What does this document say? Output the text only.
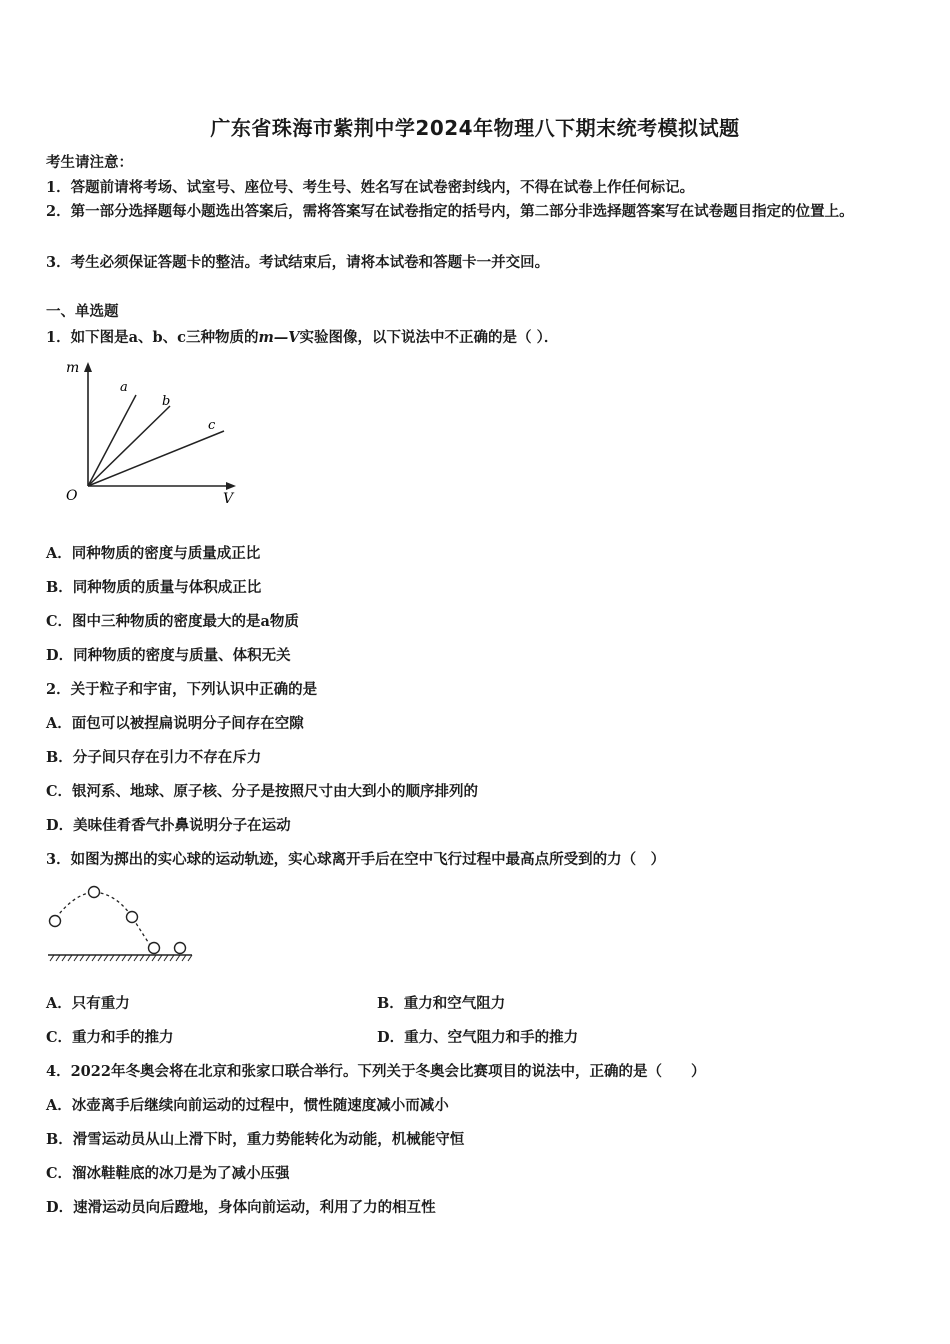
广东省珠海市紫荆中学2024年物理八下期末统考模拟试题
考生请注意：
1．答题前请将考场、试室号、座位号、考生号、姓名写在试卷密封线内，不得在试卷上作任何标记。
2．第一部分选择题每小题选出答案后，需将答案写在试卷指定的括号内，第二部分非选择题答案写在试卷题目指定的位置上。
3．考生必须保证答题卡的整洁。考试结束后，请将本试卷和答题卡一并交回。
一、单选题
1．如下图是a、b、c三种物质的m—V实验图像，以下说法中不正确的是（ ）．
m
V
O
a
b
c
A．同种物质的密度与质量成正比
B．同种物质的质量与体积成正比
C．图中三种物质的密度最大的是a物质
D．同种物质的密度与质量、体积无关
2．关于粒子和宇宙，下列认识中正确的是
A．面包可以被捏扁说明分子间存在空隙
B．分子间只存在引力不存在斥力
C．银河系、地球、原子核、分子是按照尺寸由大到小的顺序排列的
D．美味佳肴香气扑鼻说明分子在运动
3．如图为掷出的实心球的运动轨迹，实心球离开手后在空中飞行过程中最高点所受到的力（　）
A．只有重力	B．重力和空气阻力
C．重力和手的推力	D．重力、空气阻力和手的推力
4．2022年冬奥会将在北京和张家口联合举行。下列关于冬奥会比赛项目的说法中，正确的是（　　）
A．冰壶离手后继续向前运动的过程中，惯性随速度减小而减小
B．滑雪运动员从山上滑下时，重力势能转化为动能，机械能守恒
C．溜冰鞋鞋底的冰刀是为了减小压强
D．速滑运动员向后蹬地，身体向前运动，利用了力的相互性
